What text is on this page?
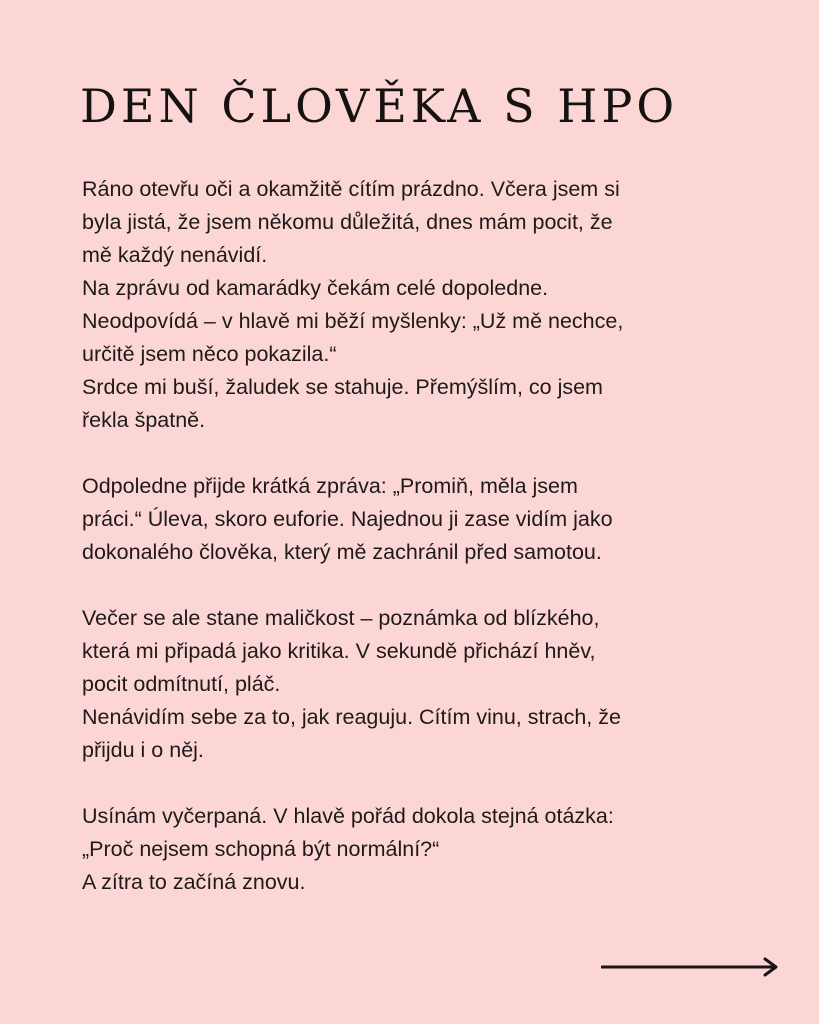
DEN ČLOVĚKA S HPO

Ráno otevřu oči a okamžitě cítím prázdno. Včera jsem si
byla jistá, že jsem někomu důležitá, dnes mám pocit, že
mě každý nenávidí.
Na zprávu od kamarádky čekám celé dopoledne.
Neodpovídá – v hlavě mi běží myšlenky: „Už mě nechce,
určitě jsem něco pokazila.“
Srdce mi buší, žaludek se stahuje. Přemýšlím, co jsem
řekla špatně.

Odpoledne přijde krátká zpráva: „Promiň, měla jsem
práci.“ Úleva, skoro euforie. Najednou ji zase vidím jako
dokonalého člověka, který mě zachránil před samotou.

Večer se ale stane maličkost – poznámka od blízkého,
která mi připadá jako kritika. V sekundě přichází hněv,
pocit odmítnutí, pláč.
Nenávidím sebe za to, jak reaguju. Cítím vinu, strach, že
přijdu i o něj.

Usínám vyčerpaná. V hlavě pořád dokola stejná otázka:
„Proč nejsem schopná být normální?“
A zítra to začíná znovu.
